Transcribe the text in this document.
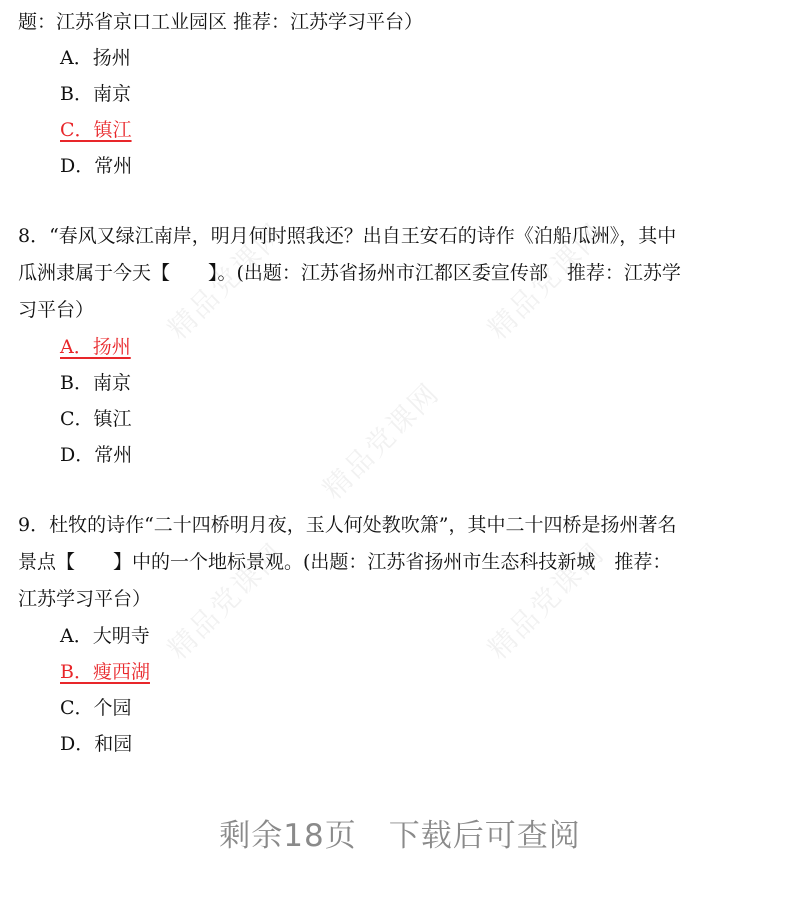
精品党课网	精品党课网
精品党课网
精品党课网	精品党课网

题：江苏省京口工业园区 推荐：江苏学习平台）

A．扬州

B．南京

C．镇江

D．常州

8．“春风又绿江南岸，明月何时照我还？出自王安石的诗作《泊船瓜洲》，其中

瓜洲隶属于今天【　　】。(出题：江苏省扬州市江都区委宣传部　推荐：江苏学

习平台）

A．扬州

B．南京

C．镇江

D．常州

9．杜牧的诗作“二十四桥明月夜，玉人何处教吹箫”，其中二十四桥是扬州著名

景点【　　】中的一个地标景观。(出题：江苏省扬州市生态科技新城　推荐：

江苏学习平台）

A．大明寺

B．瘦西湖

C．个园

D．和园

剩余18页　下载后可查阅
